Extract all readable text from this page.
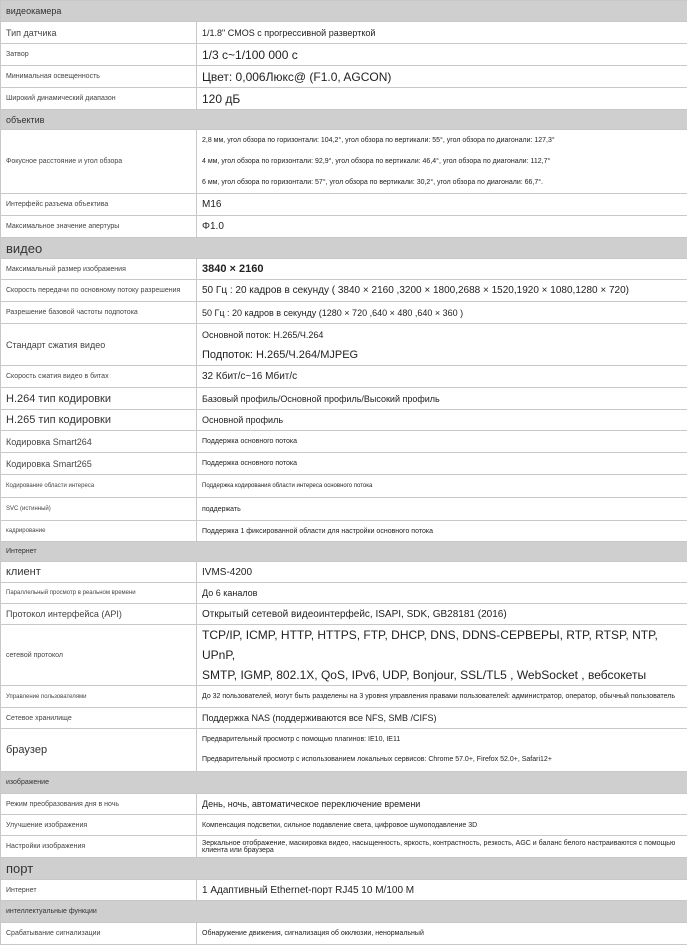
видеокамера	
Тип датчика	1/1.8" CMOS с прогрессивной разверткой
Затвор	1/3 с~1/100 000 с
Минимальная освещенность	Цвет: 0,006Люкс@ (F1.0, AGCON)
Широкий динамический диапазон	120 дБ
объектив	
Фокусное расстояние и угол обзора	2,8 мм, угол обзора по горизонтали: 104,2°, угол обзора по вертикали: 55°, угол обзора по диагонали: 127,3°
4 мм, угол обзора по горизонтали: 92,9°, угол обзора по вертикали: 46,4°, угол обзора по диагонали: 112,7°
6 мм, угол обзора по горизонтали: 57°, угол обзора по вертикали: 30,2°, угол обзора по диагонали: 66,7°.

Интерфейс разъема объектива	M16
Максимальное значение апертуры	Φ1.0
видео	
Максимальный размер изображения	3840 × 2160
Скорость передачи по основному потоку разрешения	50 Гц : 20 кадров в секунду ( 3840 × 2160 ,3200 × 1800,2688 × 1520,1920 × 1080,1280 × 720)
Разрешение базовой частоты подпотока	50 Гц : 20 кадров в секунду (1280 × 720 ,640 × 480 ,640 × 360 )
Стандарт сжатия видео	Основной поток: H.265/Ч.264
Подпоток: H.265/Ч.264/MJPEG

Скорость сжатия видео в битах	32 Кбит/с~16 Мбит/с
H.264 тип кодировки	Базовый профиль/Основной профиль/Высокий профиль
H.265 тип кодировки	Основной профиль
Кодировка Smart264	Поддержка основного потока
Кодировка Smart265	Поддержка основного потока
Кодирование области интереса	Поддержка кодирования области интереса основного потока
SVC (истинный)	поддержать
кадрирование	Поддержка 1 фиксированной области для настройки основного потока
Интернет	
клиент	IVMS-4200
Параллельный просмотр в реальном времени	До 6 каналов
Протокол интерфейса (API)	Открытый сетевой видеоинтерфейс, ISAPI, SDK, GB28181 (2016)
сетевой протокол	TCP/IP, ICMP, HTTP, HTTPS, FTP, DHCP, DNS, DDNS-СЕРВЕРЫ, RTP, RTSP, NTP, UPnP,
SMTP, IGMP, 802.1X, QoS, IPv6, UDP, Bonjour, SSL/TL5 , WebSocket , вебсокеты

Управление пользователями	До 32 пользователей, могут быть разделены на 3 уровня управления правами пользователей: администратор, оператор, обычный пользователь
Сетевое хранилище	Поддержка NAS (поддерживаются все NFS, SMB /CIFS)
браузер	Предварительный просмотр с помощью плагинов: IE10, IE11
Предварительный просмотр с использованием локальных сервисов: Chrome 57.0+, Firefox 52.0+, Safari12+

изображение	
Режим преобразования дня в ночь	День, ночь, автоматическое переключение времени
Улучшение изображения	Компенсация подсветки, сильное подавление света, цифровое шумоподавление 3D
Настройки изображения	Зеркальное отображение, маскировка видео, насыщенность, яркость, контрастность, резкость, AGC и баланс белого настраиваются с помощью клиента или браузера
порт	
Интернет	1 Адаптивный Ethernet-порт RJ45 10 M/100 M
интеллектуальные функции	
Срабатывание сигнализации	Обнаружение движения, сигнализация об окклюзии, ненормальный
